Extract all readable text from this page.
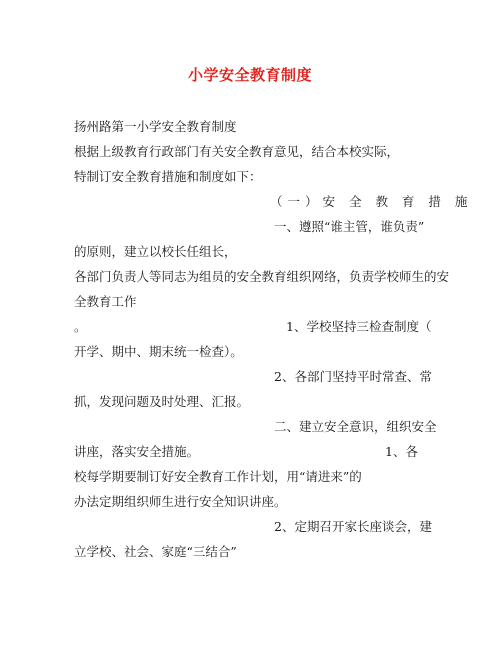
小学安全教育制度
扬州路第一小学安全教育制度
根据上级教育行政部门有关安全教育意见，结合本校实际，
特制订安全教育措施和制度如下：
（一）安 全 教 育 措 施
一、遵照“谁主管，谁负责”
的原则，建立以校长任组长，
各部门负责人等同志为组员的安全教育组织网络，负责学校师生的安
全教育工作
。	1、学校坚持三检查制度（
开学、期中、期末统一检查）。
2、各部门坚持平时常查、常
抓，发现问题及时处理、汇报。
二、建立安全意识，组织安全
讲座，落实安全措施。	1、各
校每学期要制订好安全教育工作计划，用“请进来”的
办法定期组织师生进行安全知识讲座。
2、定期召开家长座谈会，建
立学校、社会、家庭“三结合”
